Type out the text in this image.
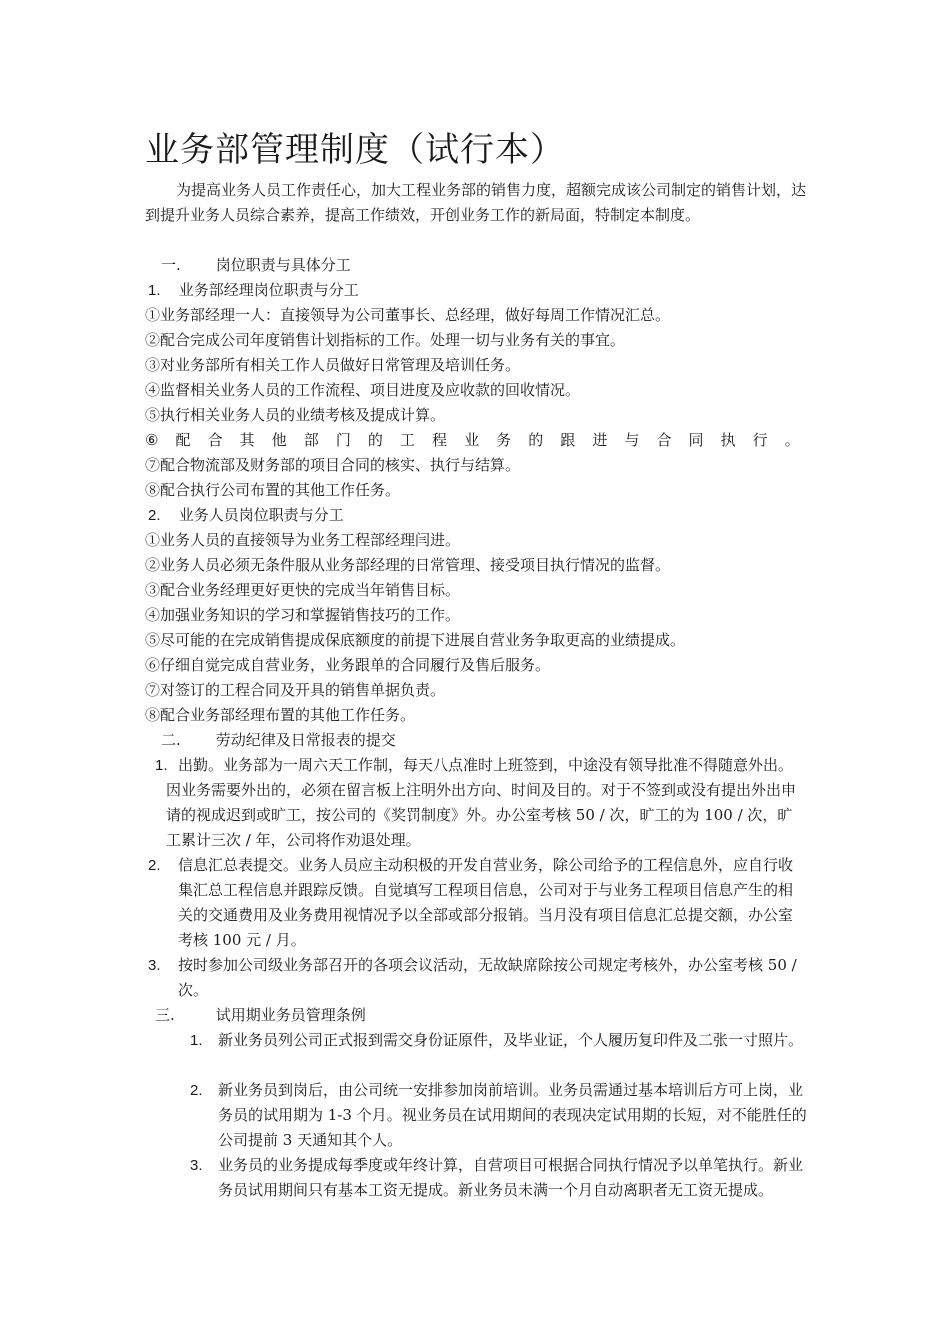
业务部管理制度（试行本）

为提高业务人员工作责任心，加大工程业务部的销售力度，超额完成该公司制定的销售计划，达到提升业务人员综合素养，提高工作绩效，开创业务工作的新局面，特制定本制度。

一. 岗位职责与具体分工
1. 业务部经理岗位职责与分工
①业务部经理一人：直接领导为公司董事长、总经理，做好每周工作情况汇总。
②配合完成公司年度销售计划指标的工作。处理一切与业务有关的事宜。
③对业务部所有相关工作人员做好日常管理及培训任务。
④监督相关业务人员的工作流程、项目进度及应收款的回收情况。
⑤执行相关业务人员的业绩考核及提成计算。
⑥ 配 合 其 他 部 门 的 工 程 业 务 的 跟 进 与 合 同 执 行 。
⑦配合物流部及财务部的项目合同的核实、执行与结算。
⑧配合执行公司布置的其他工作任务。
2. 业务人员岗位职责与分工
①业务人员的直接领导为业务工程部经理闫进。
②业务人员必须无条件服从业务部经理的日常管理、接受项目执行情况的监督。
③配合业务经理更好更快的完成当年销售目标。
④加强业务知识的学习和掌握销售技巧的工作。
⑤尽可能的在完成销售提成保底额度的前提下进展自营业务争取更高的业绩提成。
⑥仔细自觉完成自营业务，业务跟单的合同履行及售后服务。
⑦对签订的工程合同及开具的销售单据负责。
⑧配合业务部经理布置的其他工作任务。
二. 劳动纪律及日常报表的提交
1. 出勤。业务部为一周六天工作制，每天八点准时上班签到，中途没有领导批准不得随意外出。因业务需要外出的，必须在留言板上注明外出方向、时间及目的。对于不签到或没有提出外出申请的视成迟到或旷工，按公司的《奖罚制度》外。办公室考核 50 / 次，旷工的为 100 / 次，旷工累计三次 / 年，公司将作劝退处理。

2. 信息汇总表提交。业务人员应主动积极的开发自营业务，除公司给予的工程信息外，应自行收集汇总工程信息并跟踪反馈。自觉填写工程项目信息，公司对于与业务工程项目信息产生的相关的交通费用及业务费用视情况予以全部或部分报销。当月没有项目信息汇总提交额，办公室考核 100 元 / 月。

3. 按时参加公司级业务部召开的各项会议活动，无故缺席除按公司规定考核外，办公室考核 50 / 次。

三.	试用期业务员管理条例
1. 新业务员列公司正式报到需交身份证原件，及毕业证，个人履历复印件及二张一寸照片。

2. 新业务员到岗后，由公司统一安排参加岗前培训。业务员需通过基本培训后方可上岗，业务员的试用期为 1-3 个月。视业务员在试用期间的表现决定试用期的长短，对不能胜任的公司提前 3 天通知其个人。

3. 业务员的业务提成每季度或年终计算，自营项目可根据合同执行情况予以单笔执行。新业务员试用期间只有基本工资无提成。新业务员未满一个月自动离职者无工资无提成。
